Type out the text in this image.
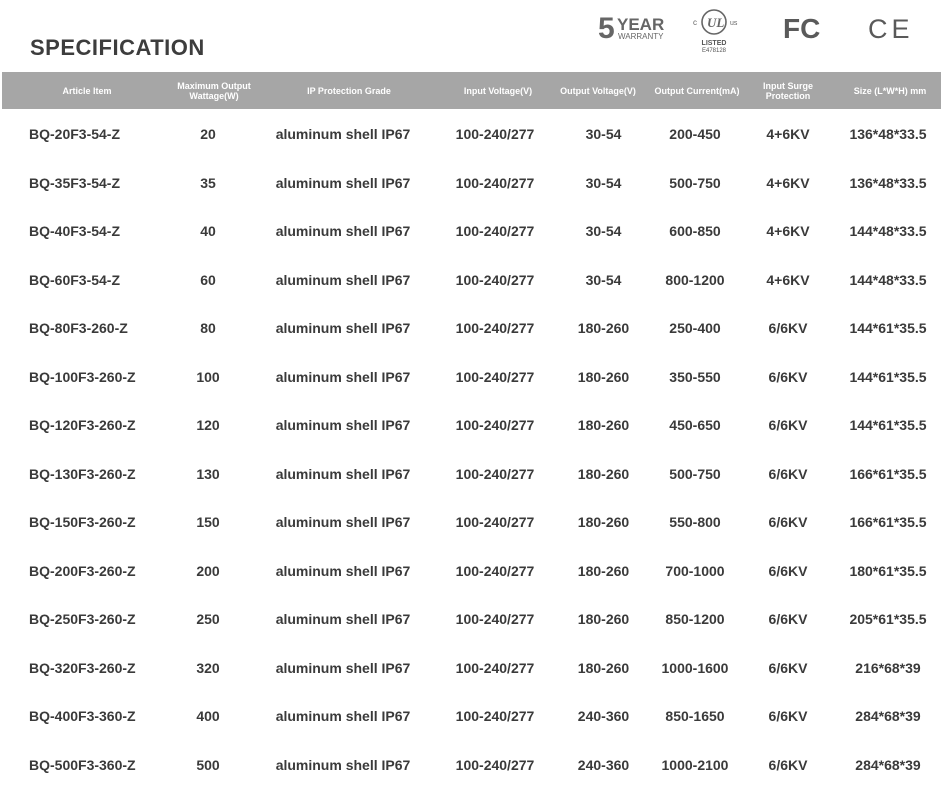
SPECIFICATION
5 YEAR
WARRANTY
UL
c	us
LISTED
E478128
FC CE
Article Item	Maximum Output Wattage(W)	IP Protection Grade	Input Voltage(V)	Output Voltage(V)	Output Current(mA)	Input Surge Protection	Size (L*W*H) mm
BQ-20F3-54-Z	20	aluminum shell IP67	100-240/277	30-54	200-450	4+6KV	136*48*33.5
BQ-35F3-54-Z	35	aluminum shell IP67	100-240/277	30-54	500-750	4+6KV	136*48*33.5
BQ-40F3-54-Z	40	aluminum shell IP67	100-240/277	30-54	600-850	4+6KV	144*48*33.5
BQ-60F3-54-Z	60	aluminum shell IP67	100-240/277	30-54	800-1200	4+6KV	144*48*33.5
BQ-80F3-260-Z	80	aluminum shell IP67	100-240/277	180-260	250-400	6/6KV	144*61*35.5
BQ-100F3-260-Z	100	aluminum shell IP67	100-240/277	180-260	350-550	6/6KV	144*61*35.5
BQ-120F3-260-Z	120	aluminum shell IP67	100-240/277	180-260	450-650	6/6KV	144*61*35.5
BQ-130F3-260-Z	130	aluminum shell IP67	100-240/277	180-260	500-750	6/6KV	166*61*35.5
BQ-150F3-260-Z	150	aluminum shell IP67	100-240/277	180-260	550-800	6/6KV	166*61*35.5
BQ-200F3-260-Z	200	aluminum shell IP67	100-240/277	180-260	700-1000	6/6KV	180*61*35.5
BQ-250F3-260-Z	250	aluminum shell IP67	100-240/277	180-260	850-1200	6/6KV	205*61*35.5
BQ-320F3-260-Z	320	aluminum shell IP67	100-240/277	180-260	1000-1600	6/6KV	216*68*39
BQ-400F3-360-Z	400	aluminum shell IP67	100-240/277	240-360	850-1650	6/6KV	284*68*39
BQ-500F3-360-Z	500	aluminum shell IP67	100-240/277	240-360	1000-2100	6/6KV	284*68*39
